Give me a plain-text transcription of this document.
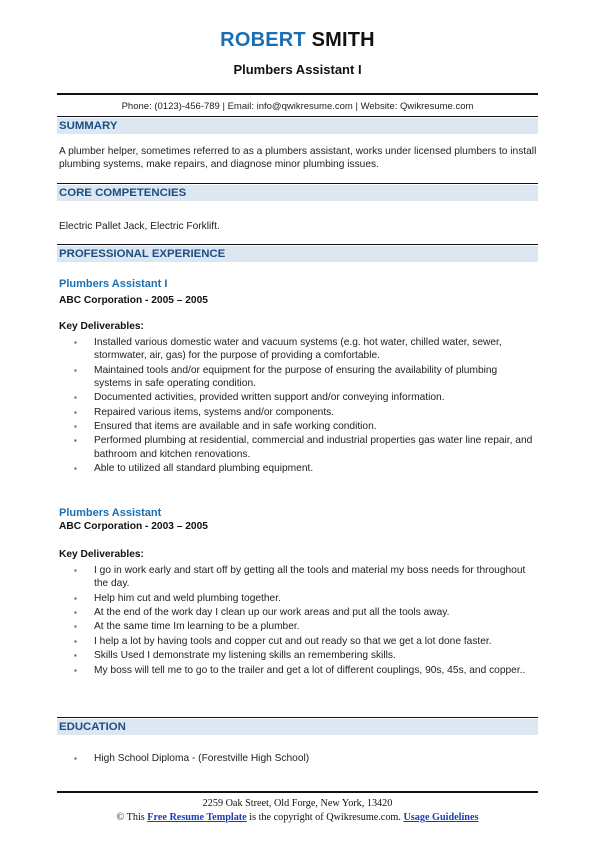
ROBERT SMITH
Plumbers Assistant I
Phone: (0123)-456-789 | Email: info@qwikresume.com | Website: Qwikresume.com
SUMMARY
A plumber helper, sometimes referred to as a plumbers assistant, works under licensed plumbers to install plumbing systems, make repairs, and diagnose minor plumbing issues.
CORE COMPETENCIES
Electric Pallet Jack, Electric Forklift.
PROFESSIONAL EXPERIENCE
Plumbers Assistant I
ABC Corporation - 2005 – 2005
Key Deliverables:
▪ Installed various domestic water and vacuum systems (e.g. hot water, chilled water, sewer, stormwater, air, gas) for the purpose of providing a comfortable.
▪ Maintained tools and/or equipment for the purpose of ensuring the availability of plumbing systems in safe operating condition.
▪ Documented activities, provided written support and/or conveying information.
▪ Repaired various items, systems and/or components.
▪ Ensured that items are available and in safe working condition.
▪ Performed plumbing at residential, commercial and industrial properties gas water line repair, and bathroom and kitchen renovations.
▪ Able to utilized all standard plumbing equipment.
Plumbers Assistant
ABC Corporation - 2003 – 2005
Key Deliverables:
▪ I go in work early and start off by getting all the tools and material my boss needs for throughout the day.
▪ Help him cut and weld plumbing together.
▪ At the end of the work day I clean up our work areas and put all the tools away.
▪ At the same time Im learning to be a plumber.
▪ I help a lot by having tools and copper cut and out ready so that we get a lot done faster.
▪ Skills Used I demonstrate my listening skills an remembering skills.
▪ My boss will tell me to go to the trailer and get a lot of different couplings, 90s, 45s, and copper..
EDUCATION
▪ High School Diploma - (Forestville High School)
2259 Oak Street, Old Forge, New York, 13420
© This Free Resume Template is the copyright of Qwikresume.com. Usage Guidelines
